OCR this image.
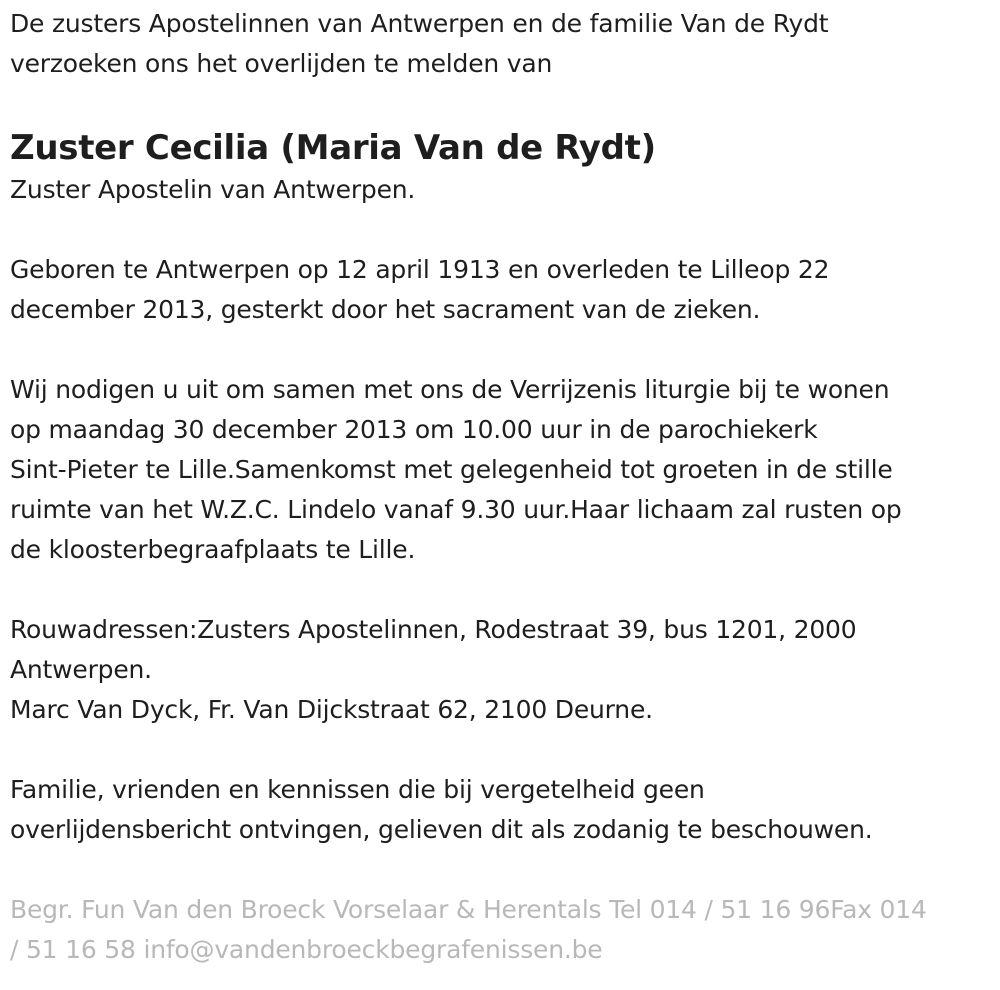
De zusters Apostelinnen van Antwerpen en de familie Van de Rydt
verzoeken ons het overlijden te melden van

Zuster Cecilia (Maria Van de Rydt)

Zuster Apostelin van Antwerpen.

Geboren te Antwerpen op 12 april 1913 en overleden te Lilleop 22
december 2013, gesterkt door het sacrament van de zieken.

Wij nodigen u uit om samen met ons de Verrijzenis liturgie bij te wonen
op maandag 30 december 2013 om 10.00 uur in de parochiekerk
Sint-Pieter te Lille.Samenkomst met gelegenheid tot groeten in de stille
ruimte van het W.Z.C. Lindelo vanaf 9.30 uur.Haar lichaam zal rusten op
de kloosterbegraafplaats te Lille.

Rouwadressen:Zusters Apostelinnen, Rodestraat 39, bus 1201, 2000
Antwerpen.
Marc Van Dyck, Fr. Van Dijckstraat 62, 2100 Deurne.

Familie, vrienden en kennissen die bij vergetelheid geen
overlijdensbericht ontvingen, gelieven dit als zodanig te beschouwen.

Begr. Fun Van den Broeck Vorselaar & Herentals Tel 014 / 51 16 96Fax 014
/ 51 16 58 info@vandenbroeckbegrafenissen.be
